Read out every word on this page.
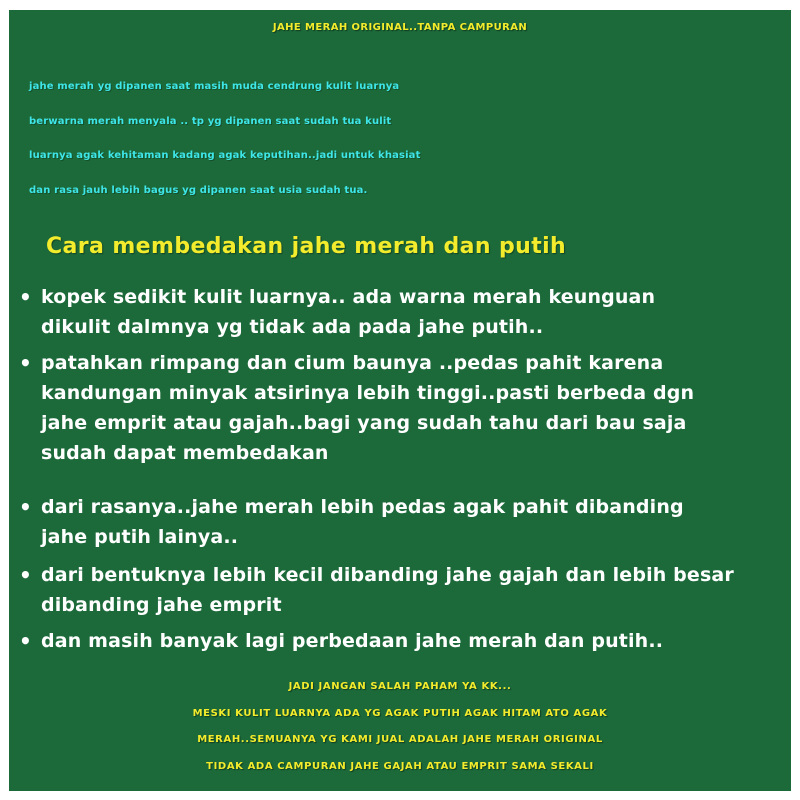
JAHE MERAH ORIGINAL..TANPA CAMPURAN
jahe merah yg dipanen saat masih muda cendrung kulit luarnya
berwarna merah menyala .. tp yg dipanen saat sudah tua kulit
luarnya agak kehitaman kadang agak keputihan..jadi untuk khasiat
dan rasa jauh lebih bagus yg dipanen saat usia sudah tua.
Cara membedakan jahe merah dan putih
• kopek sedikit kulit luarnya.. ada warna merah keunguan
dikulit dalmnya yg tidak ada pada jahe putih..
• patahkan rimpang dan cium baunya ..pedas pahit karena
kandungan minyak atsirinya lebih tinggi..pasti berbeda dgn
jahe emprit atau gajah..bagi yang sudah tahu dari bau saja
sudah dapat membedakan
• dari rasanya..jahe merah lebih pedas agak pahit dibanding
jahe putih lainya..
• dari bentuknya lebih kecil dibanding jahe gajah dan lebih besar
dibanding jahe emprit
• dan masih banyak lagi perbedaan jahe merah dan putih..
JADI JANGAN SALAH PAHAM YA KK...
MESKI KULIT LUARNYA ADA YG AGAK PUTIH AGAK HITAM ATO AGAK
MERAH..SEMUANYA YG KAMI JUAL ADALAH JAHE MERAH ORIGINAL
TIDAK ADA CAMPURAN JAHE GAJAH ATAU EMPRIT SAMA SEKALI
